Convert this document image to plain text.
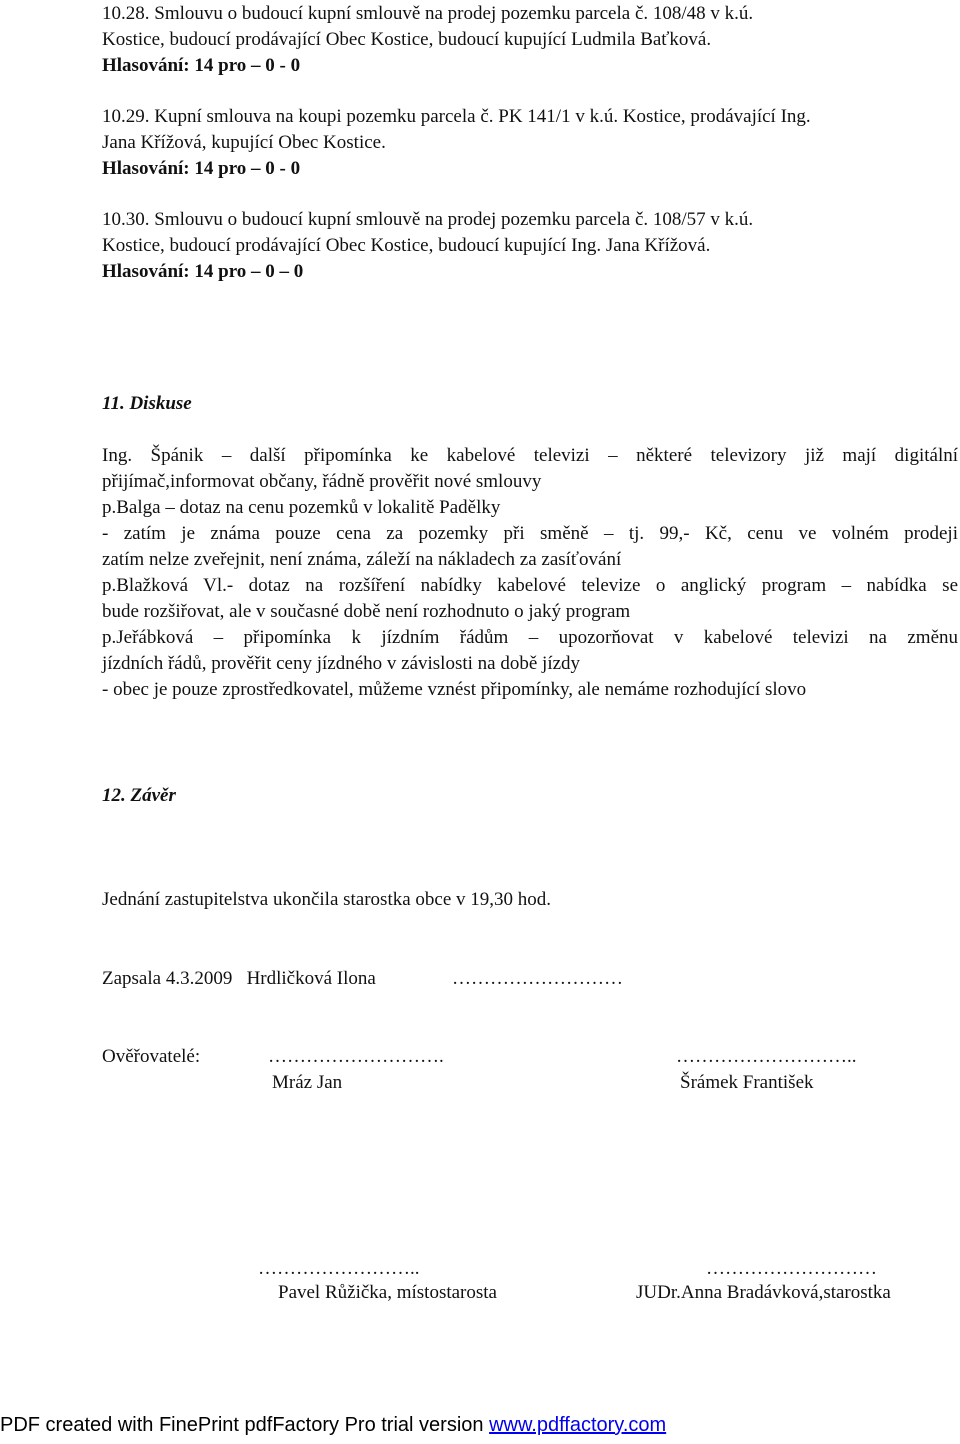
10.28. Smlouvu o budoucí kupní smlouvě na prodej pozemku parcela č. 108/48 v k.ú.
Kostice, budoucí prodávající Obec Kostice, budoucí kupující Ludmila Baťková.
Hlasování: 14 pro – 0 - 0
10.29. Kupní smlouva na koupi pozemku parcela č. PK 141/1 v k.ú. Kostice, prodávající Ing.
Jana Křížová, kupující Obec Kostice.
Hlasování: 14 pro – 0 - 0
10.30. Smlouvu o budoucí kupní smlouvě na prodej pozemku parcela č. 108/57 v k.ú.
Kostice, budoucí prodávající Obec Kostice, budoucí kupující Ing. Jana Křížová.
Hlasování: 14 pro – 0 – 0
11. Diskuse
Ing. Špánik – další připomínka ke kabelové televizi – některé televizory již mají digitální
přijímač,informovat občany, řádně prověřit nové smlouvy
p.Balga – dotaz na cenu pozemků v lokalitě Padělky
- zatím je známa pouze cena za pozemky při směně – tj. 99,- Kč, cenu ve volném prodeji
zatím nelze zveřejnit, není známa, záleží na nákladech za zasíťování
p.Blažková Vl.- dotaz na rozšíření nabídky kabelové televize o anglický program – nabídka se
bude rozšiřovat, ale v současné době není rozhodnuto o jaký program
p.Jeřábková – připomínka k jízdním řádům – upozorňovat v kabelové televizi na změnu
jízdních řádů, prověřit ceny jízdného v závislosti na době jízdy
- obec je pouze zprostředkovatel, můžeme vznést připomínky, ale nemáme rozhodující slovo
12. Závěr
Jednání zastupitelstva ukončila starostka obce v 19,30 hod.
Zapsala 4.3.2009   Hrdličková Ilona	………………………
Ověřovatelé:	……………………….
Mráz Jan
………………………..
Šrámek František
……………………..
Pavel Růžička, místostarosta
………………………
JUDr.Anna Bradávková,starostka
PDF created with FinePrint pdfFactory Pro trial version www.pdffactory.com
